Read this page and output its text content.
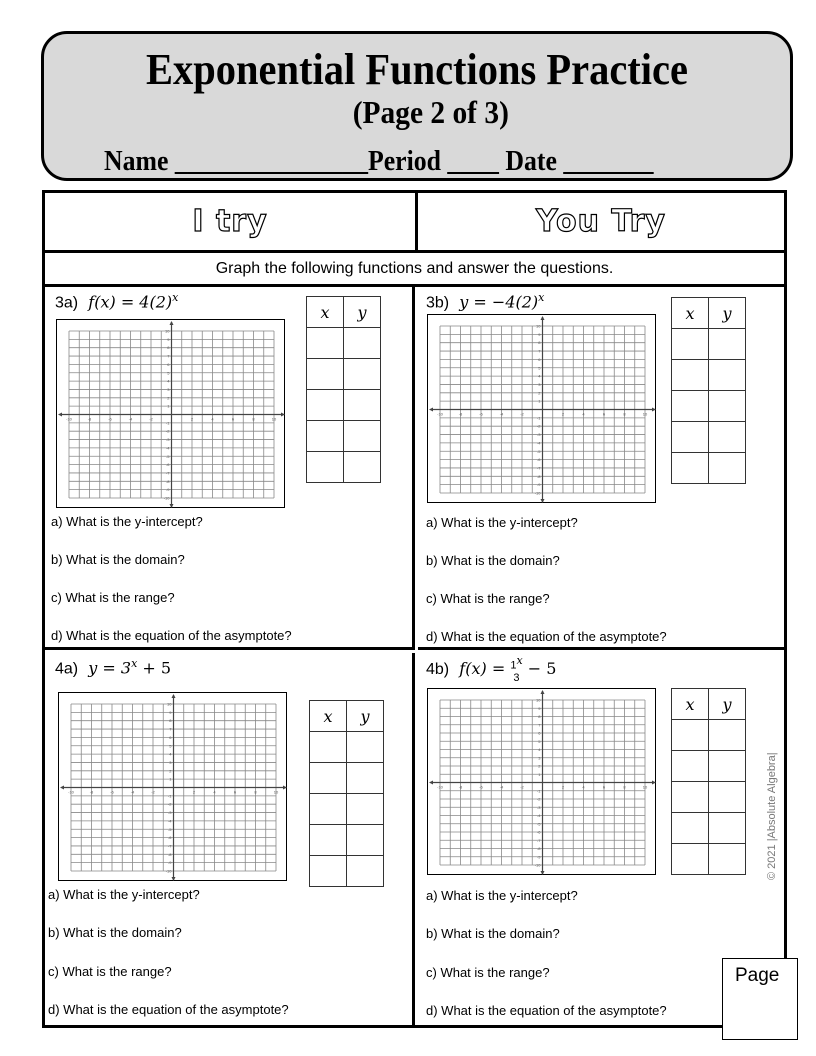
Exponential Functions Practice
(Page 2 of 3)
Name _______________Period ____ Date _______
I try	You Try
Graph the following functions and answer the questions.
3a) $f(x) = 4(2)^x$
-10	-8	-6	-4	-2	2	4	6	8	10
10
9
8
7
6
5
4
3
2
1
-1
-2
-3
-4
-5
-6
-7
-8
-9
-10
x	y

a) What is the y-intercept?
b) What is the domain?
c) What is the range?
d) What is the equation of the asymptote?
3b) $y = -4(2)^x$
-10	-8	-6	-4	-2	2	4	6	8	10
10
9
8
7
6
5
4
3
2
1
-1
-2
-3
-4
-5
-6
-7
-8
-9
-10
x	y

a) What is the y-intercept?
b) What is the domain?
c) What is the range?
d) What is the equation of the asymptote?
4a) $y = 3^x + 5$
-10	-8	-6	-4	-2	2	4	6	8	10
10
9
8
7
6
5
4
3
2
1
-1
-2
-3
-4
-5
-6
-7
-8
-9
-10
x	y

a) What is the y-intercept?
b) What is the domain?
c) What is the range?
d) What is the equation of the asymptote?
4b) $f(x) = 1^x$
3 − 5
-10	-8	-6	-4	-2	2	4	6	8	10
10
9
8
7
6
5
4
3
2
1
-1
-2
-3
-4
-5
-6
-7
-8
-9
-10
x	y

a) What is the y-intercept?
b) What is the domain?
c) What is the range?
d) What is the equation of the asymptote?
© 2021 |Absolute Algebra|
Page
